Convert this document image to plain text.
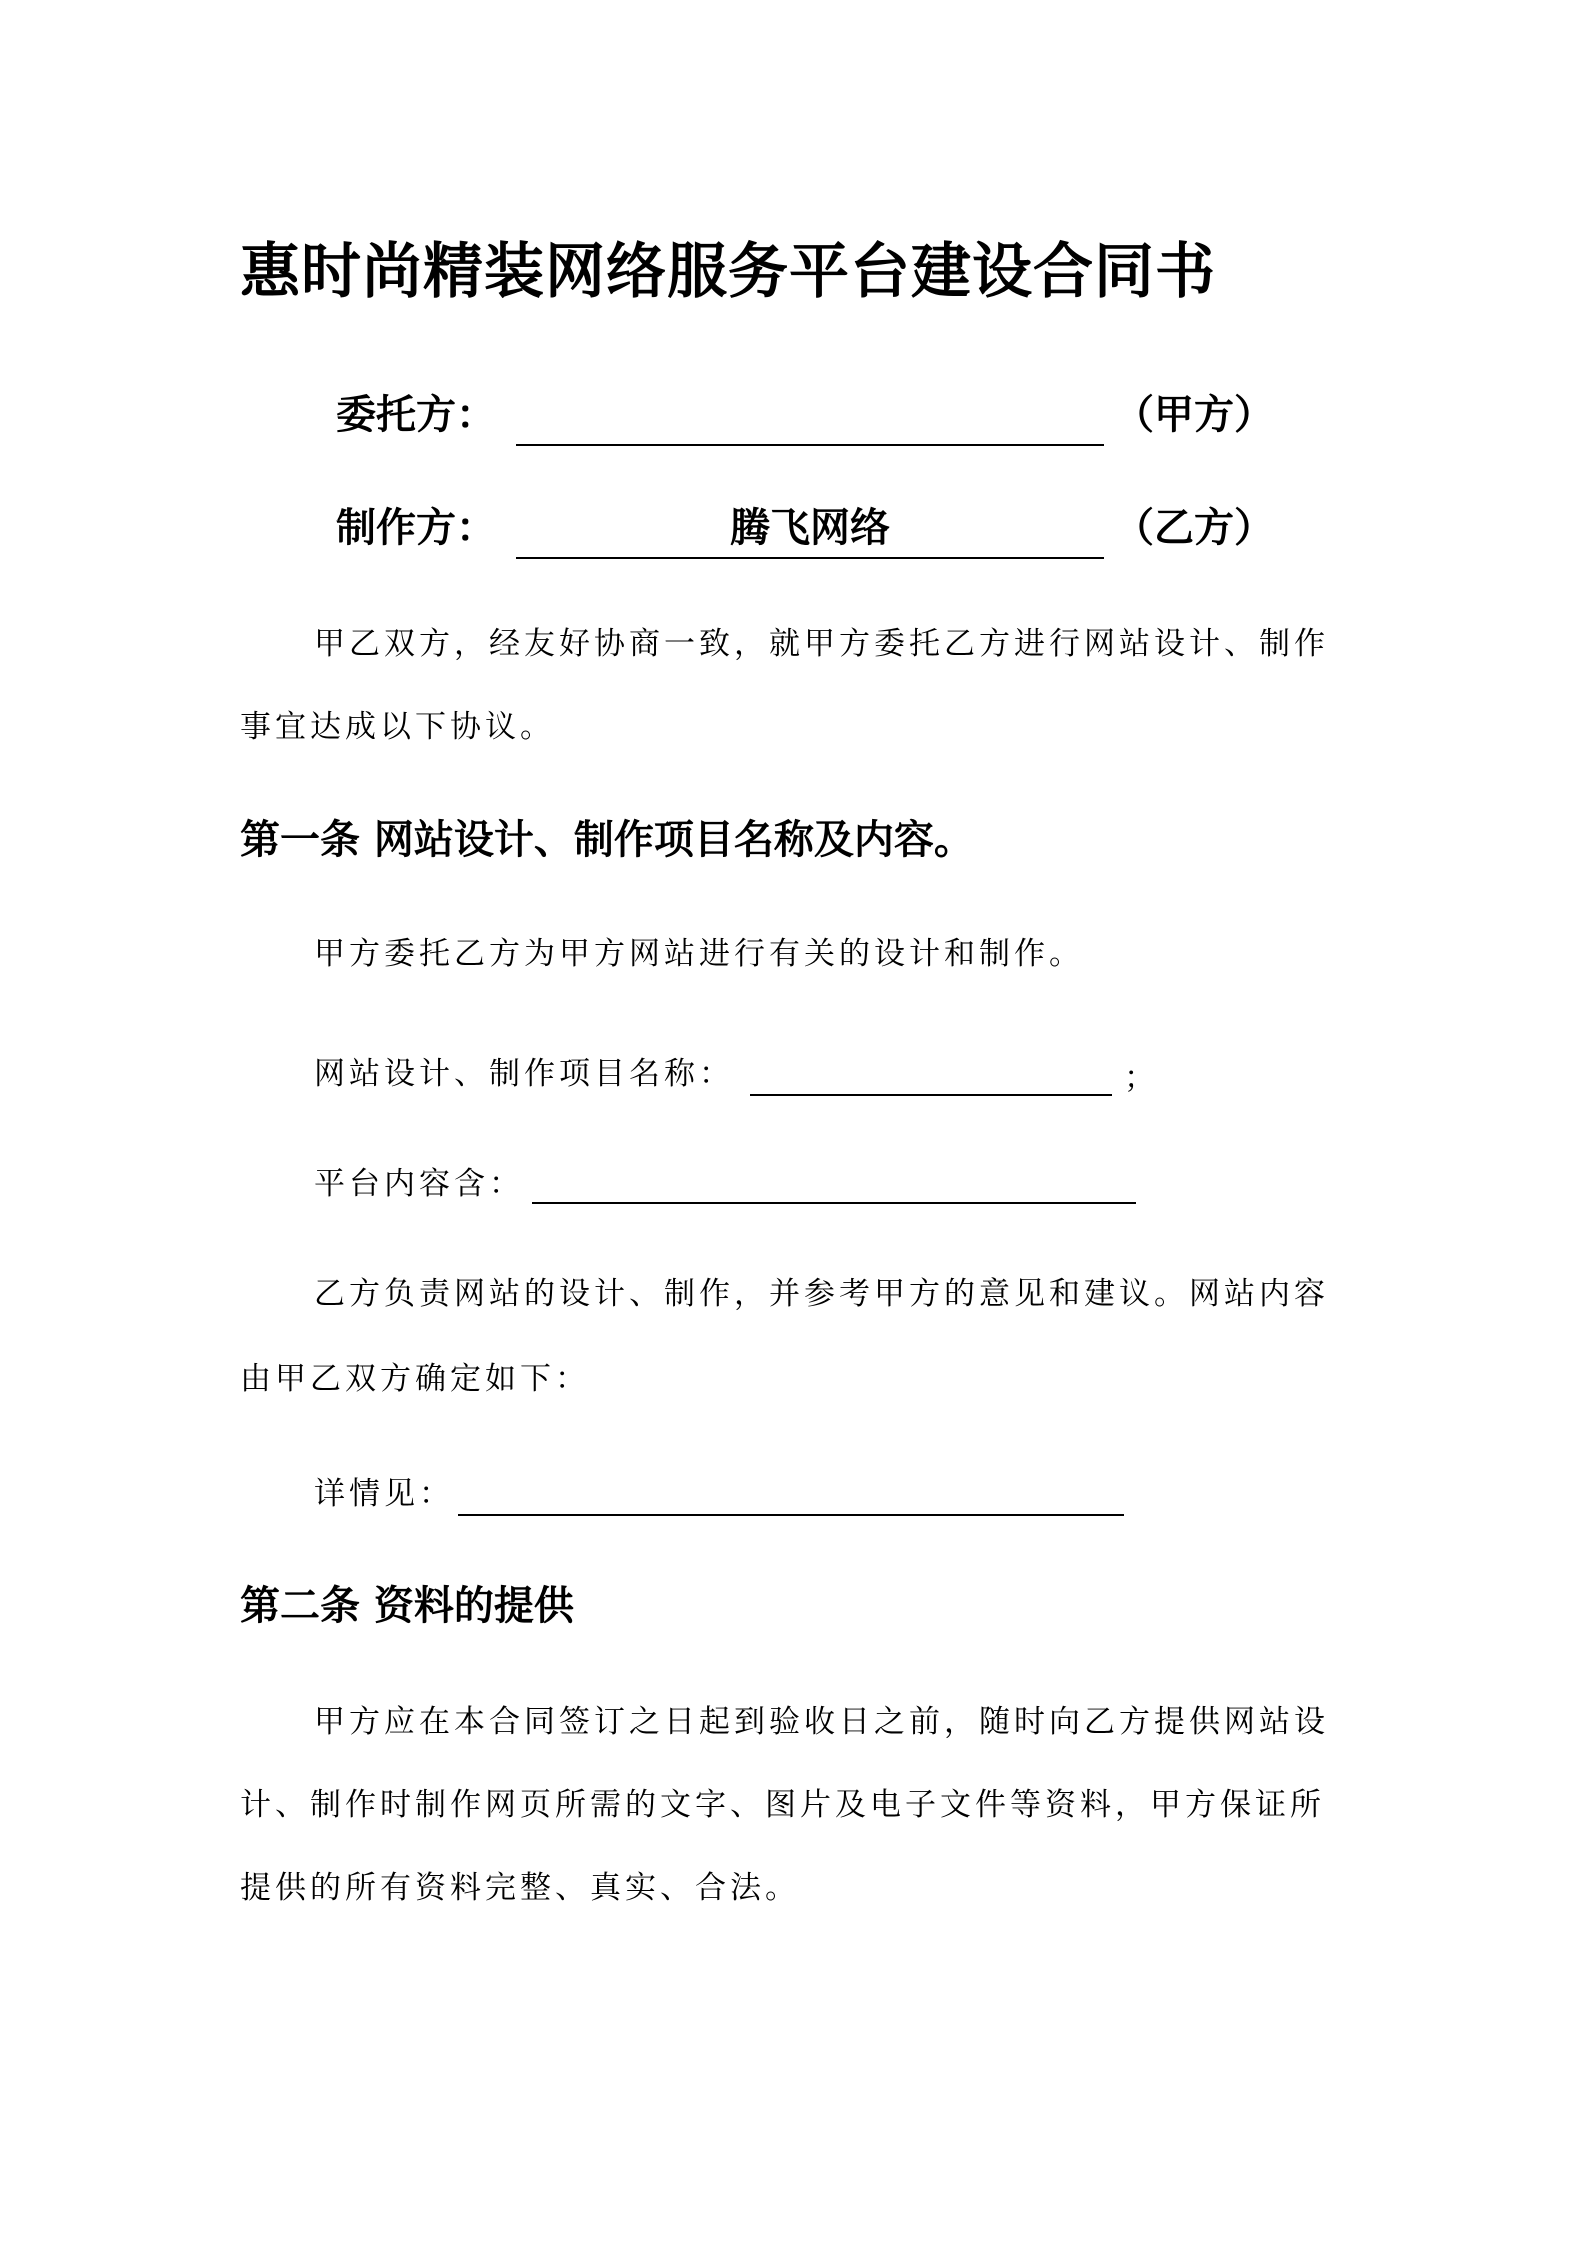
惠时尚精装网络服务平台建设合同书
委托方：	（甲方）
制作方：	腾飞网络	（乙方）
甲乙双方，经友好协商一致，就甲方委托乙方进行网站设计、制作
事宜达成以下协议。
第一条 网站设计、制作项目名称及内容。
甲方委托乙方为甲方网站进行有关的设计和制作。
网站设计、制作项目名称：	；
平台内容含：
乙方负责网站的设计、制作，并参考甲方的意见和建议。网站内容
由甲乙双方确定如下：
详情见：
第二条 资料的提供
甲方应在本合同签订之日起到验收日之前，随时向乙方提供网站设
计、制作时制作网页所需的文字、图片及电子文件等资料，甲方保证所
提供的所有资料完整、真实、合法。
